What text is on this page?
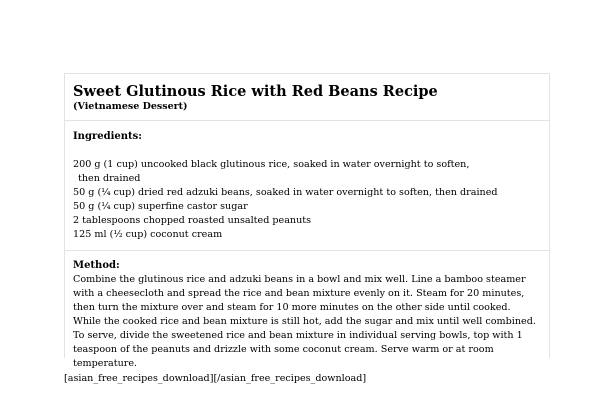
Sweet Glutinous Rice with Red Beans Recipe
(Vietnamese Dessert)
Ingredients:
200 g (1 cup) uncooked black glutinous rice, soaked in water overnight to soften,
then drained
50 g (¼ cup) dried red adzuki beans, soaked in water overnight to soften, then drained
50 g (¼ cup) superfine castor sugar
2 tablespoons chopped roasted unsalted peanuts
125 ml (½ cup) coconut cream
Method:

Combine the glutinous rice and adzuki beans in a bowl and mix well. Line a bamboo steamer with a cheesecloth and spread the rice and bean mixture evenly on it. Steam for 20 minutes, then turn the mixture over and steam for 10 more minutes on the other side until cooked. While the cooked rice and bean mixture is still hot, add the sugar and mix until well combined. To serve, divide the sweetened rice and bean mixture in individual serving bowls, top with 1 teaspoon of the peanuts and drizzle with some coconut cream. Serve warm or at room temperature.

[asian_free_recipes_download][/asian_free_recipes_download]
